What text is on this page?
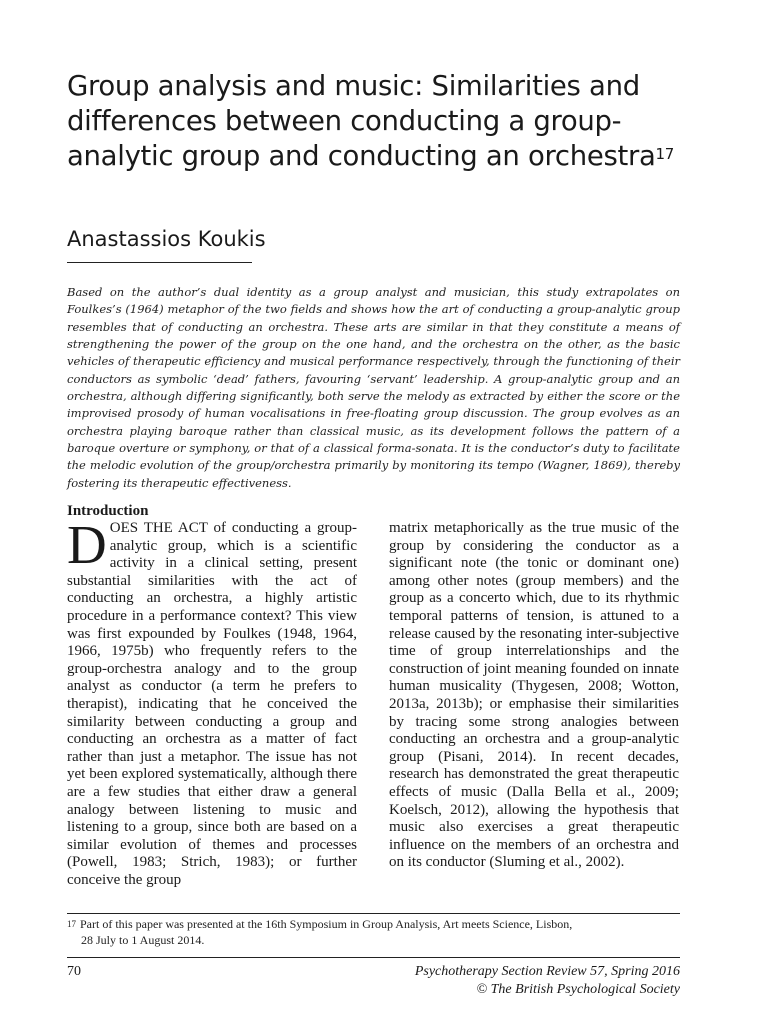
Group analysis and music: Similarities and differences between conducting a group-analytic group and conducting an orchestra$^{17}$

Anastassios Koukis

Based on the author’s dual identity as a group analyst and musician, this study extrapolates on Foulkes’s (1964) metaphor of the two fields and shows how the art of conducting a group-analytic group resembles that of conducting an orchestra. These arts are similar in that they constitute a means of strengthening the power of the group on the one hand, and the orchestra on the other, as the basic vehicles of therapeutic efficiency and musical performance respectively, through the functioning of their conductors as symbolic ‘dead’ fathers, favouring ‘servant’ leadership. A group-analytic group and an orchestra, although differing significantly, both serve the melody as extracted by either the score or the improvised prosody of human vocalisations in free-floating group discussion. The group evolves as an orchestra playing baroque rather than classical music, as its development follows the pattern of a baroque overture or symphony, or that of a classical forma-sonata. It is the conductor’s duty to facilitate the melodic evolution of the group/orchestra primarily by monitoring its tempo (Wagner, 1869), thereby fostering its therapeutic effectiveness.

Introduction
DOES THE ACT of conducting a group-analytic group, which is a scientific activity in a clinical setting, present substantial similarities with the act of conducting an orchestra, a highly artistic procedure in a performance context? This view was first expounded by Foulkes (1948, 1964, 1966, 1975b) who frequently refers to the group-orchestra analogy and to the group analyst as conductor (a term he prefers to therapist), indicating that he conceived the similarity between conducting a group and conducting an orchestra as a matter of fact rather than just a metaphor. The issue has not yet been explored systematically, although there are a few studies that either draw a general analogy between listening to music and listening to a group, since both are based on a similar evolution of themes and processes (Powell, 1983; Strich, 1983); or further conceive the group
matrix metaphorically as the true music of the group by considering the conductor as a significant note (the tonic or dominant one) among other notes (group members) and the group as a concerto which, due to its rhythmic temporal patterns of tension, is attuned to a release caused by the resonating inter-subjective time of group interrelationships and the construction of joint meaning founded on innate human musicality (Thygesen, 2008; Wotton, 2013a, 2013b); or emphasise their similarities by tracing some strong analogies between conducting an orchestra and a group-analytic group (Pisani, 2014). In recent decades, research has demonstrated the great therapeutic effects of music (Dalla Bella et al., 2009; Koelsch, 2012), allowing the hypothesis that music also exercises a great therapeutic influence on the members of an orchestra and on its conductor (Sluming et al., 2002).

$^{17}$ Part of this paper was presented at the 16th Symposium in Group Analysis, Art meets Science, Lisbon,
28 July to 1 August 2014.

70	Psychotherapy Section Review 57, Spring 2016
© The British Psychological Society
